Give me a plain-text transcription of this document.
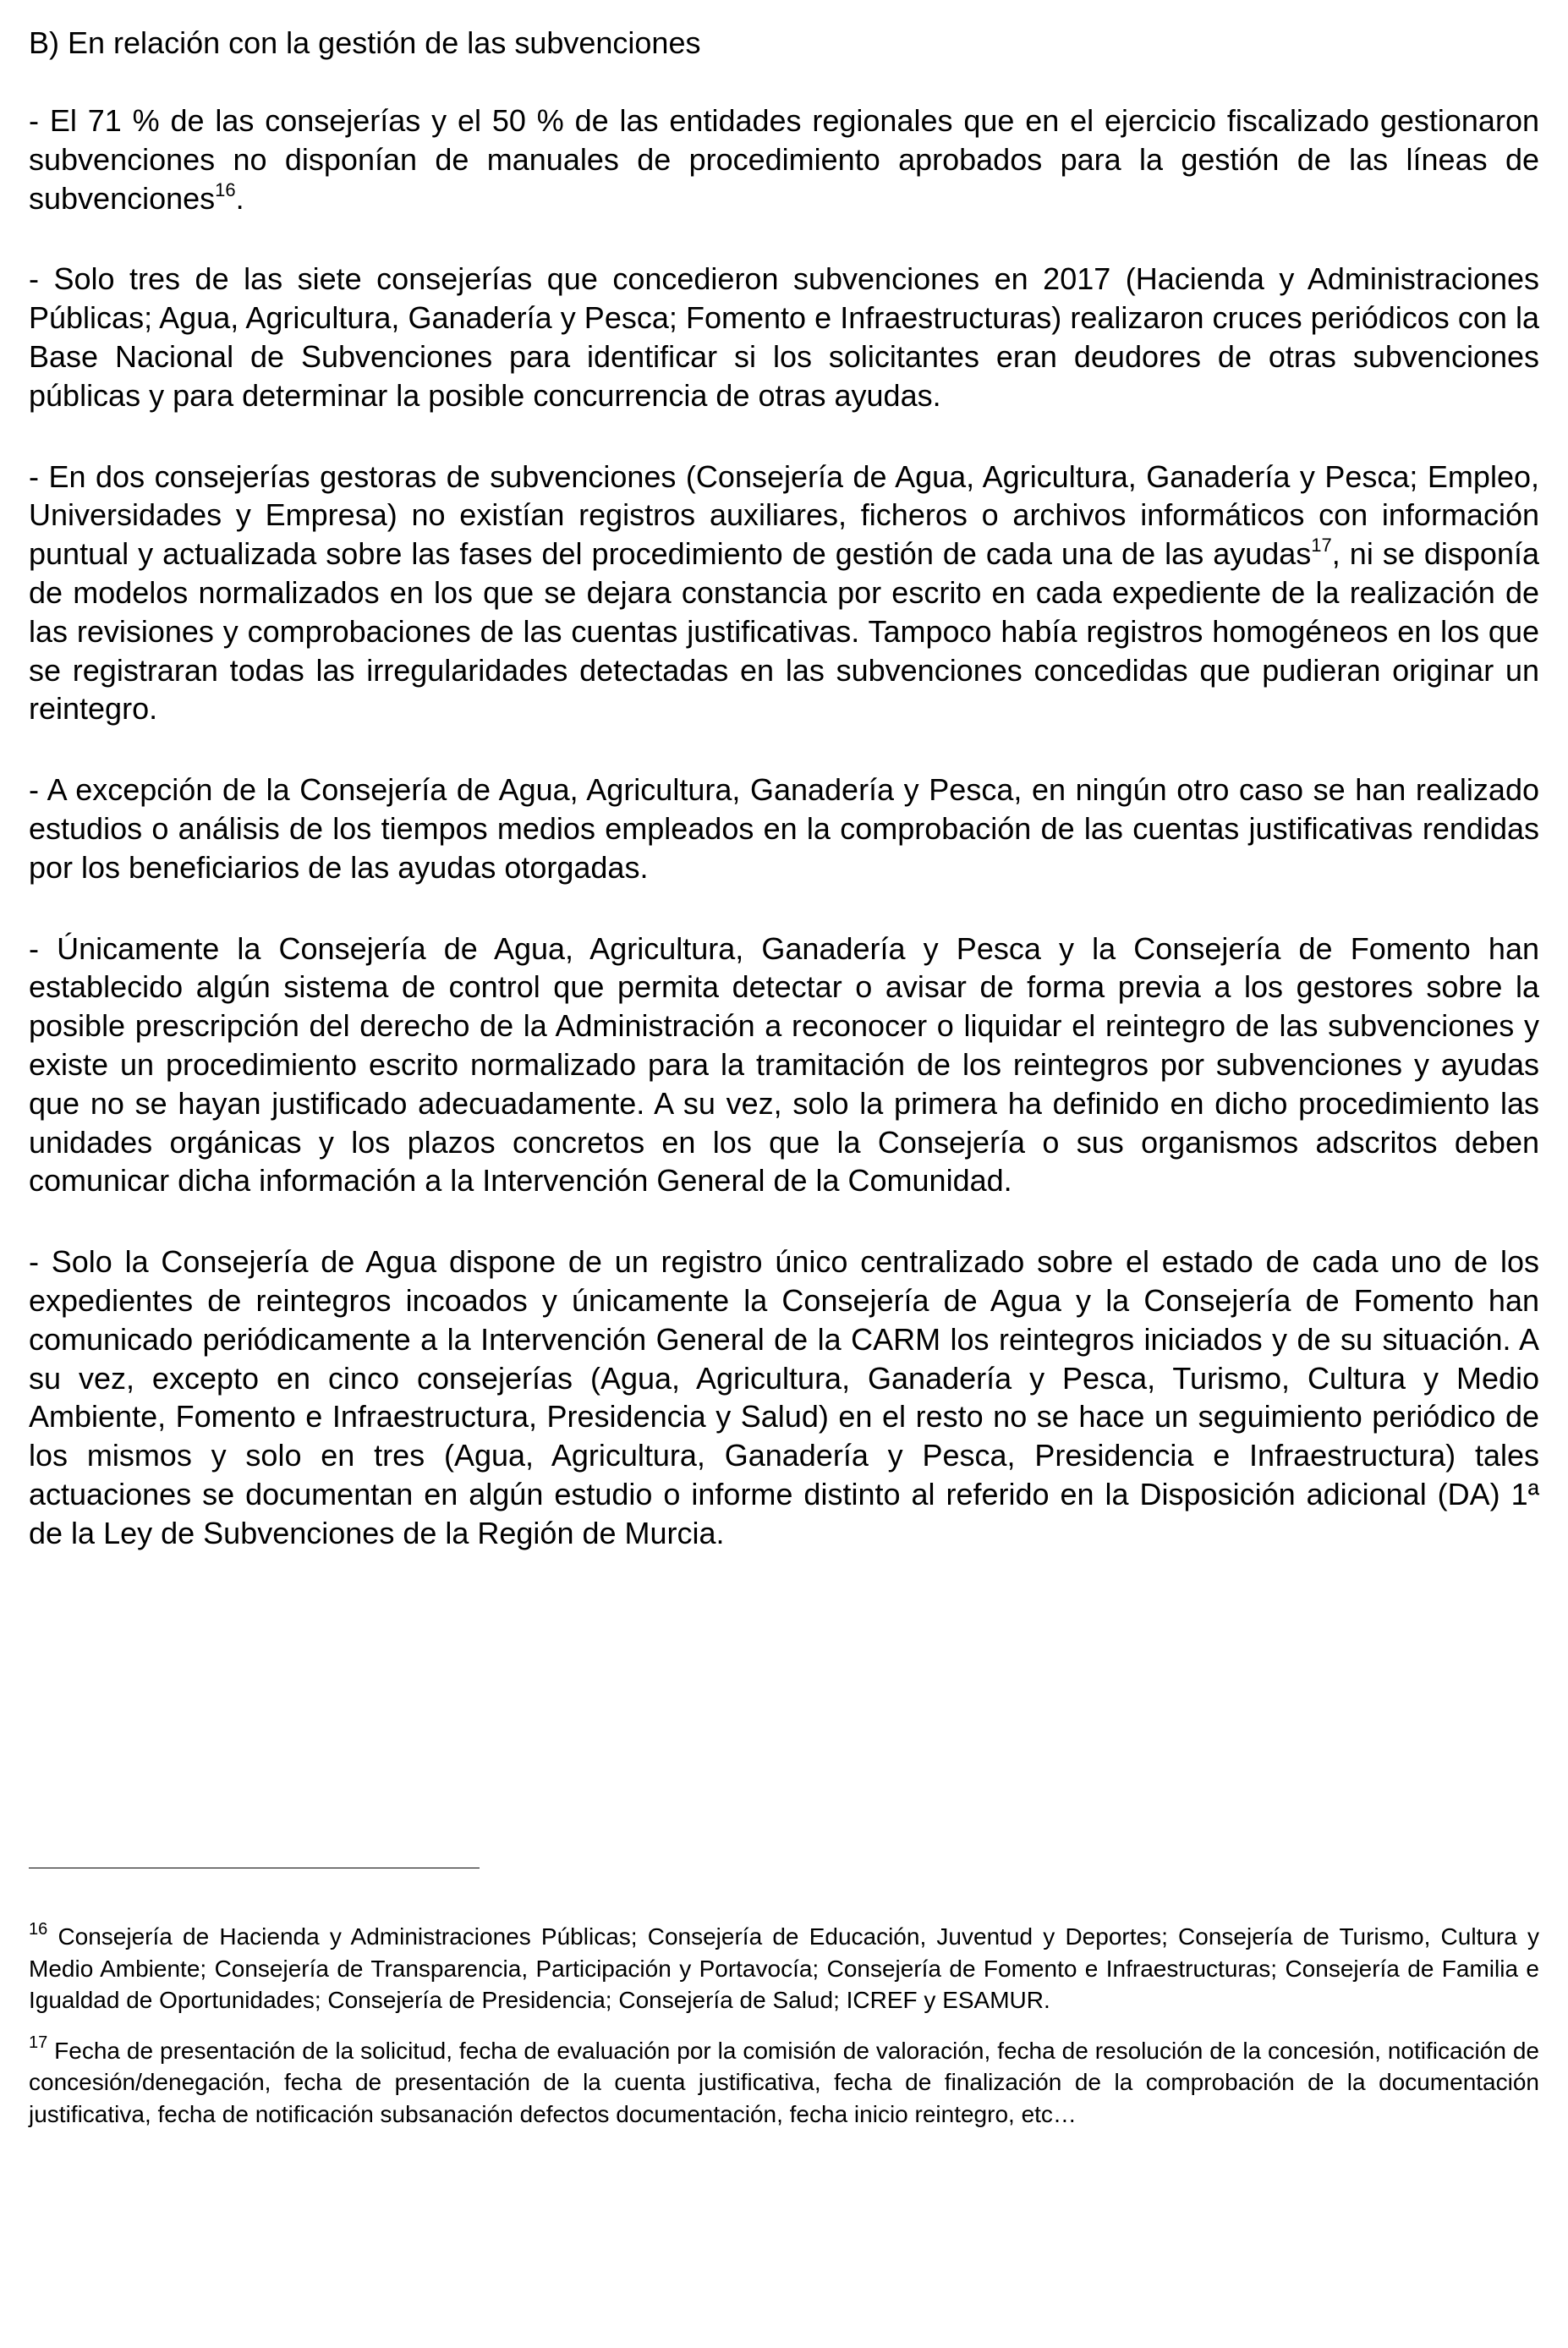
B) En relación con la gestión de las subvenciones

- El 71 % de las consejerías y el 50 % de las entidades regionales que en el ejercicio fiscalizado gestionaron subvenciones no disponían de manuales de procedimiento aprobados para la gestión de las líneas de subvenciones$^{16}$.

- Solo tres de las siete consejerías que concedieron subvenciones en 2017 (Hacienda y Administraciones Públicas; Agua, Agricultura, Ganadería y Pesca; Fomento e Infraestructuras) realizaron cruces periódicos con la Base Nacional de Subvenciones para identificar si los solicitantes eran deudores de otras subvenciones públicas y para determinar la posible concurrencia de otras ayudas.

- En dos consejerías gestoras de subvenciones (Consejería de Agua, Agricultura, Ganadería y Pesca; Empleo, Universidades y Empresa) no existían registros auxiliares, ficheros o archivos informáticos con información puntual y actualizada sobre las fases del procedimiento de gestión de cada una de las ayudas$^{17}$, ni se disponía de modelos normalizados en los que se dejara constancia por escrito en cada expediente de la realización de las revisiones y comprobaciones de las cuentas justificativas. Tampoco había registros homogéneos en los que se registraran todas las irregularidades detectadas en las subvenciones concedidas que pudieran originar un reintegro.

- A excepción de la Consejería de Agua, Agricultura, Ganadería y Pesca, en ningún otro caso se han realizado estudios o análisis de los tiempos medios empleados en la comprobación de las cuentas justificativas rendidas por los beneficiarios de las ayudas otorgadas.

- Únicamente la Consejería de Agua, Agricultura, Ganadería y Pesca y la Consejería de Fomento han establecido algún sistema de control que permita detectar o avisar de forma previa a los gestores sobre la posible prescripción del derecho de la Administración a reconocer o liquidar el reintegro de las subvenciones y existe un procedimiento escrito normalizado para la tramitación de los reintegros por subvenciones y ayudas que no se hayan justificado adecuadamente. A su vez, solo la primera ha definido en dicho procedimiento las unidades orgánicas y los plazos concretos en los que la Consejería o sus organismos adscritos deben comunicar dicha información a la Intervención General de la Comunidad.

- Solo la Consejería de Agua dispone de un registro único centralizado sobre el estado de cada uno de los expedientes de reintegros incoados y únicamente la Consejería de Agua y la Consejería de Fomento han comunicado periódicamente a la Intervención General de la CARM los reintegros iniciados y de su situación. A su vez, excepto en cinco consejerías (Agua, Agricultura, Ganadería y Pesca, Turismo, Cultura y Medio Ambiente, Fomento e Infraestructura, Presidencia y Salud) en el resto no se hace un seguimiento periódico de los mismos y solo en tres (Agua, Agricultura, Ganadería y Pesca, Presidencia e Infraestructura) tales actuaciones se documentan en algún estudio o informe distinto al referido en la Disposición adicional (DA) 1ª de la Ley de Subvenciones de la Región de Murcia.

$^{16}$ Consejería de Hacienda y Administraciones Públicas; Consejería de Educación, Juventud y Deportes; Consejería de Turismo, Cultura y Medio Ambiente; Consejería de Transparencia, Participación y Portavocía; Consejería de Fomento e Infraestructuras; Consejería de Familia e Igualdad de Oportunidades; Consejería de Presidencia; Consejería de Salud; ICREF y ESAMUR.

$^{17}$ Fecha de presentación de la solicitud, fecha de evaluación por la comisión de valoración, fecha de resolución de la concesión, notificación de concesión/denegación, fecha de presentación de la cuenta justificativa, fecha de finalización de la comprobación de la documentación justificativa, fecha de notificación subsanación defectos documentación, fecha inicio reintegro, etc…
